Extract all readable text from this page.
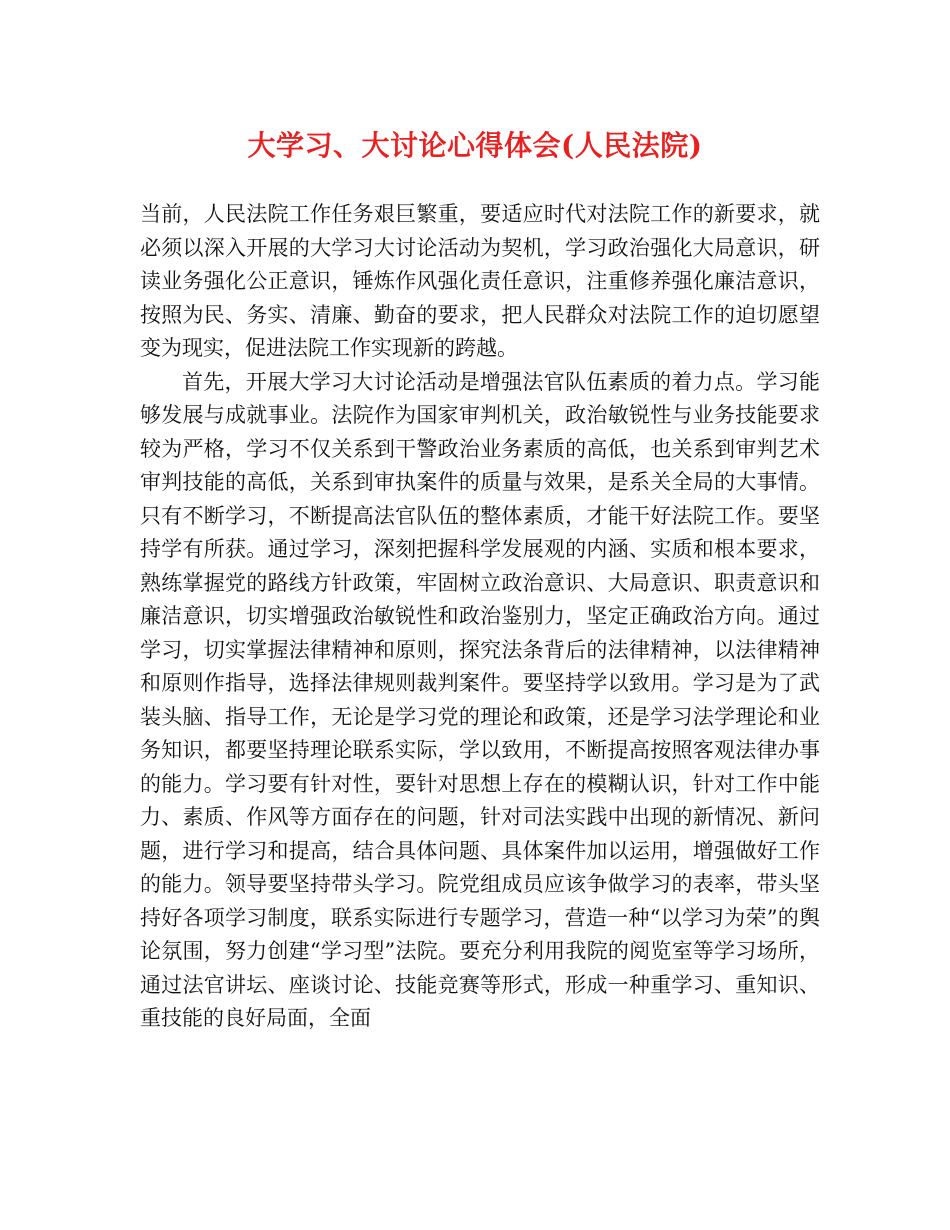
大学习、大讨论心得体会(人民法院)

当前，人民法院工作任务艰巨繁重，要适应时代对法院工作的新要求，就必须以深入开展的大学习大讨论活动为契机，学习政治强化大局意识，研读业务强化公正意识，锤炼作风强化责任意识，注重修养强化廉洁意识，按照为民、务实、清廉、勤奋的要求，把人民群众对法院工作的迫切愿望变为现实，促进法院工作实现新的跨越。

首先，开展大学习大讨论活动是增强法官队伍素质的着力点。学习能够发展与成就事业。法院作为国家审判机关，政治敏锐性与业务技能要求较为严格，学习不仅关系到干警政治业务素质的高低，也关系到审判艺术审判技能的高低，关系到审执案件的质量与效果，是系关全局的大事情。只有不断学习，不断提高法官队伍的整体素质，才能干好法院工作。要坚持学有所获。通过学习，深刻把握科学发展观的内涵、实质和根本要求，熟练掌握党的路线方针政策，牢固树立政治意识、大局意识、职责意识和廉洁意识，切实增强政治敏锐性和政治鉴别力，坚定正确政治方向。通过学习，切实掌握法律精神和原则，探究法条背后的法律精神，以法律精神和原则作指导，选择法律规则裁判案件。要坚持学以致用。学习是为了武装头脑、指导工作，无论是学习党的理论和政策，还是学习法学理论和业务知识，都要坚持理论联系实际，学以致用，不断提高按照客观法律办事的能力。学习要有针对性，要针对思想上存在的模糊认识，针对工作中能力、素质、作风等方面存在的问题，针对司法实践中出现的新情况、新问题，进行学习和提高，结合具体问题、具体案件加以运用，增强做好工作的能力。领导要坚持带头学习。院党组成员应该争做学习的表率，带头坚持好各项学习制度，联系实际进行专题学习，营造一种“以学习为荣”的舆论氛围，努力创建“学习型”法院。要充分利用我院的阅览室等学习场所，通过法官讲坛、座谈讨论、技能竞赛等形式，形成一种重学习、重知识、重技能的良好局面，全面
